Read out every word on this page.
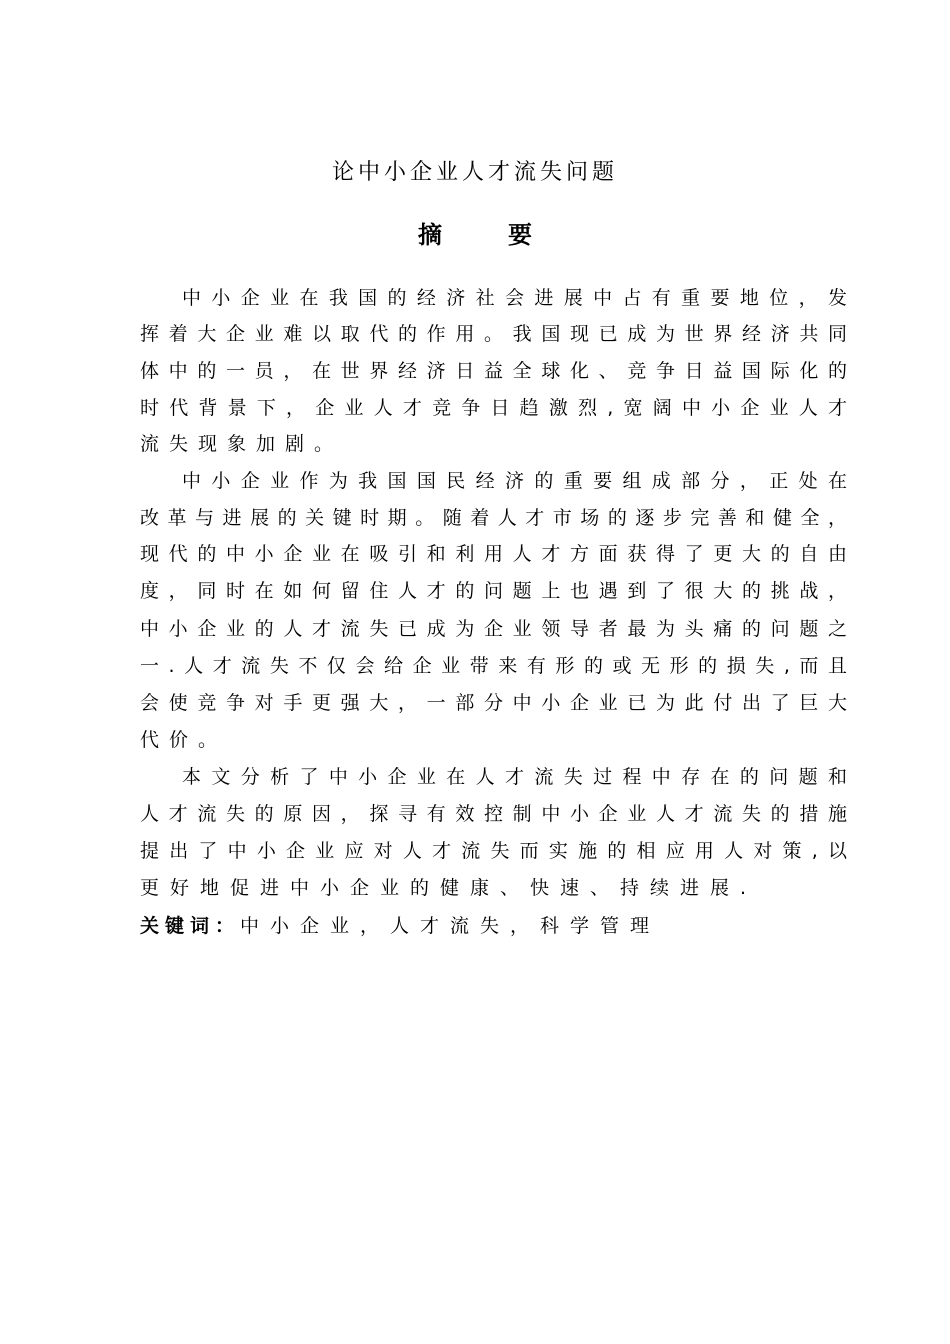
论中小企业人才流失问题
摘	要
中小企业在我国的经济社会进展中占有重要地位，发
挥着大企业难以取代的作用。我国现已成为世界经济共同
体中的一员，在世界经济日益全球化、竞争日益国际化的
时代背景下，企业人才竞争日趋激烈,宽阔中小企业人才
流失现象加剧。
中小企业作为我国国民经济的重要组成部分，正处在
改革与进展的关键时期。随着人才市场的逐步完善和健全，
现代的中小企业在吸引和利用人才方面获得了更大的自由
度，同时在如何留住人才的问题上也遇到了很大的挑战，
中小企业的人才流失已成为企业领导者最为头痛的问题之
一.人才流失不仅会给企业带来有形的或无形的损失,而且
会使竞争对手更强大，一部分中小企业已为此付出了巨大
代价。
本文分析了中小企业在人才流失过程中存在的问题和
人才流失的原因，探寻有效控制中小企业人才流失的措施
提出了中小企业应对人才流失而实施的相应用人对策,以
更好地促进中小企业的健康、快速、持续进展.
关键词：中小企业，人才流失，科学管理
